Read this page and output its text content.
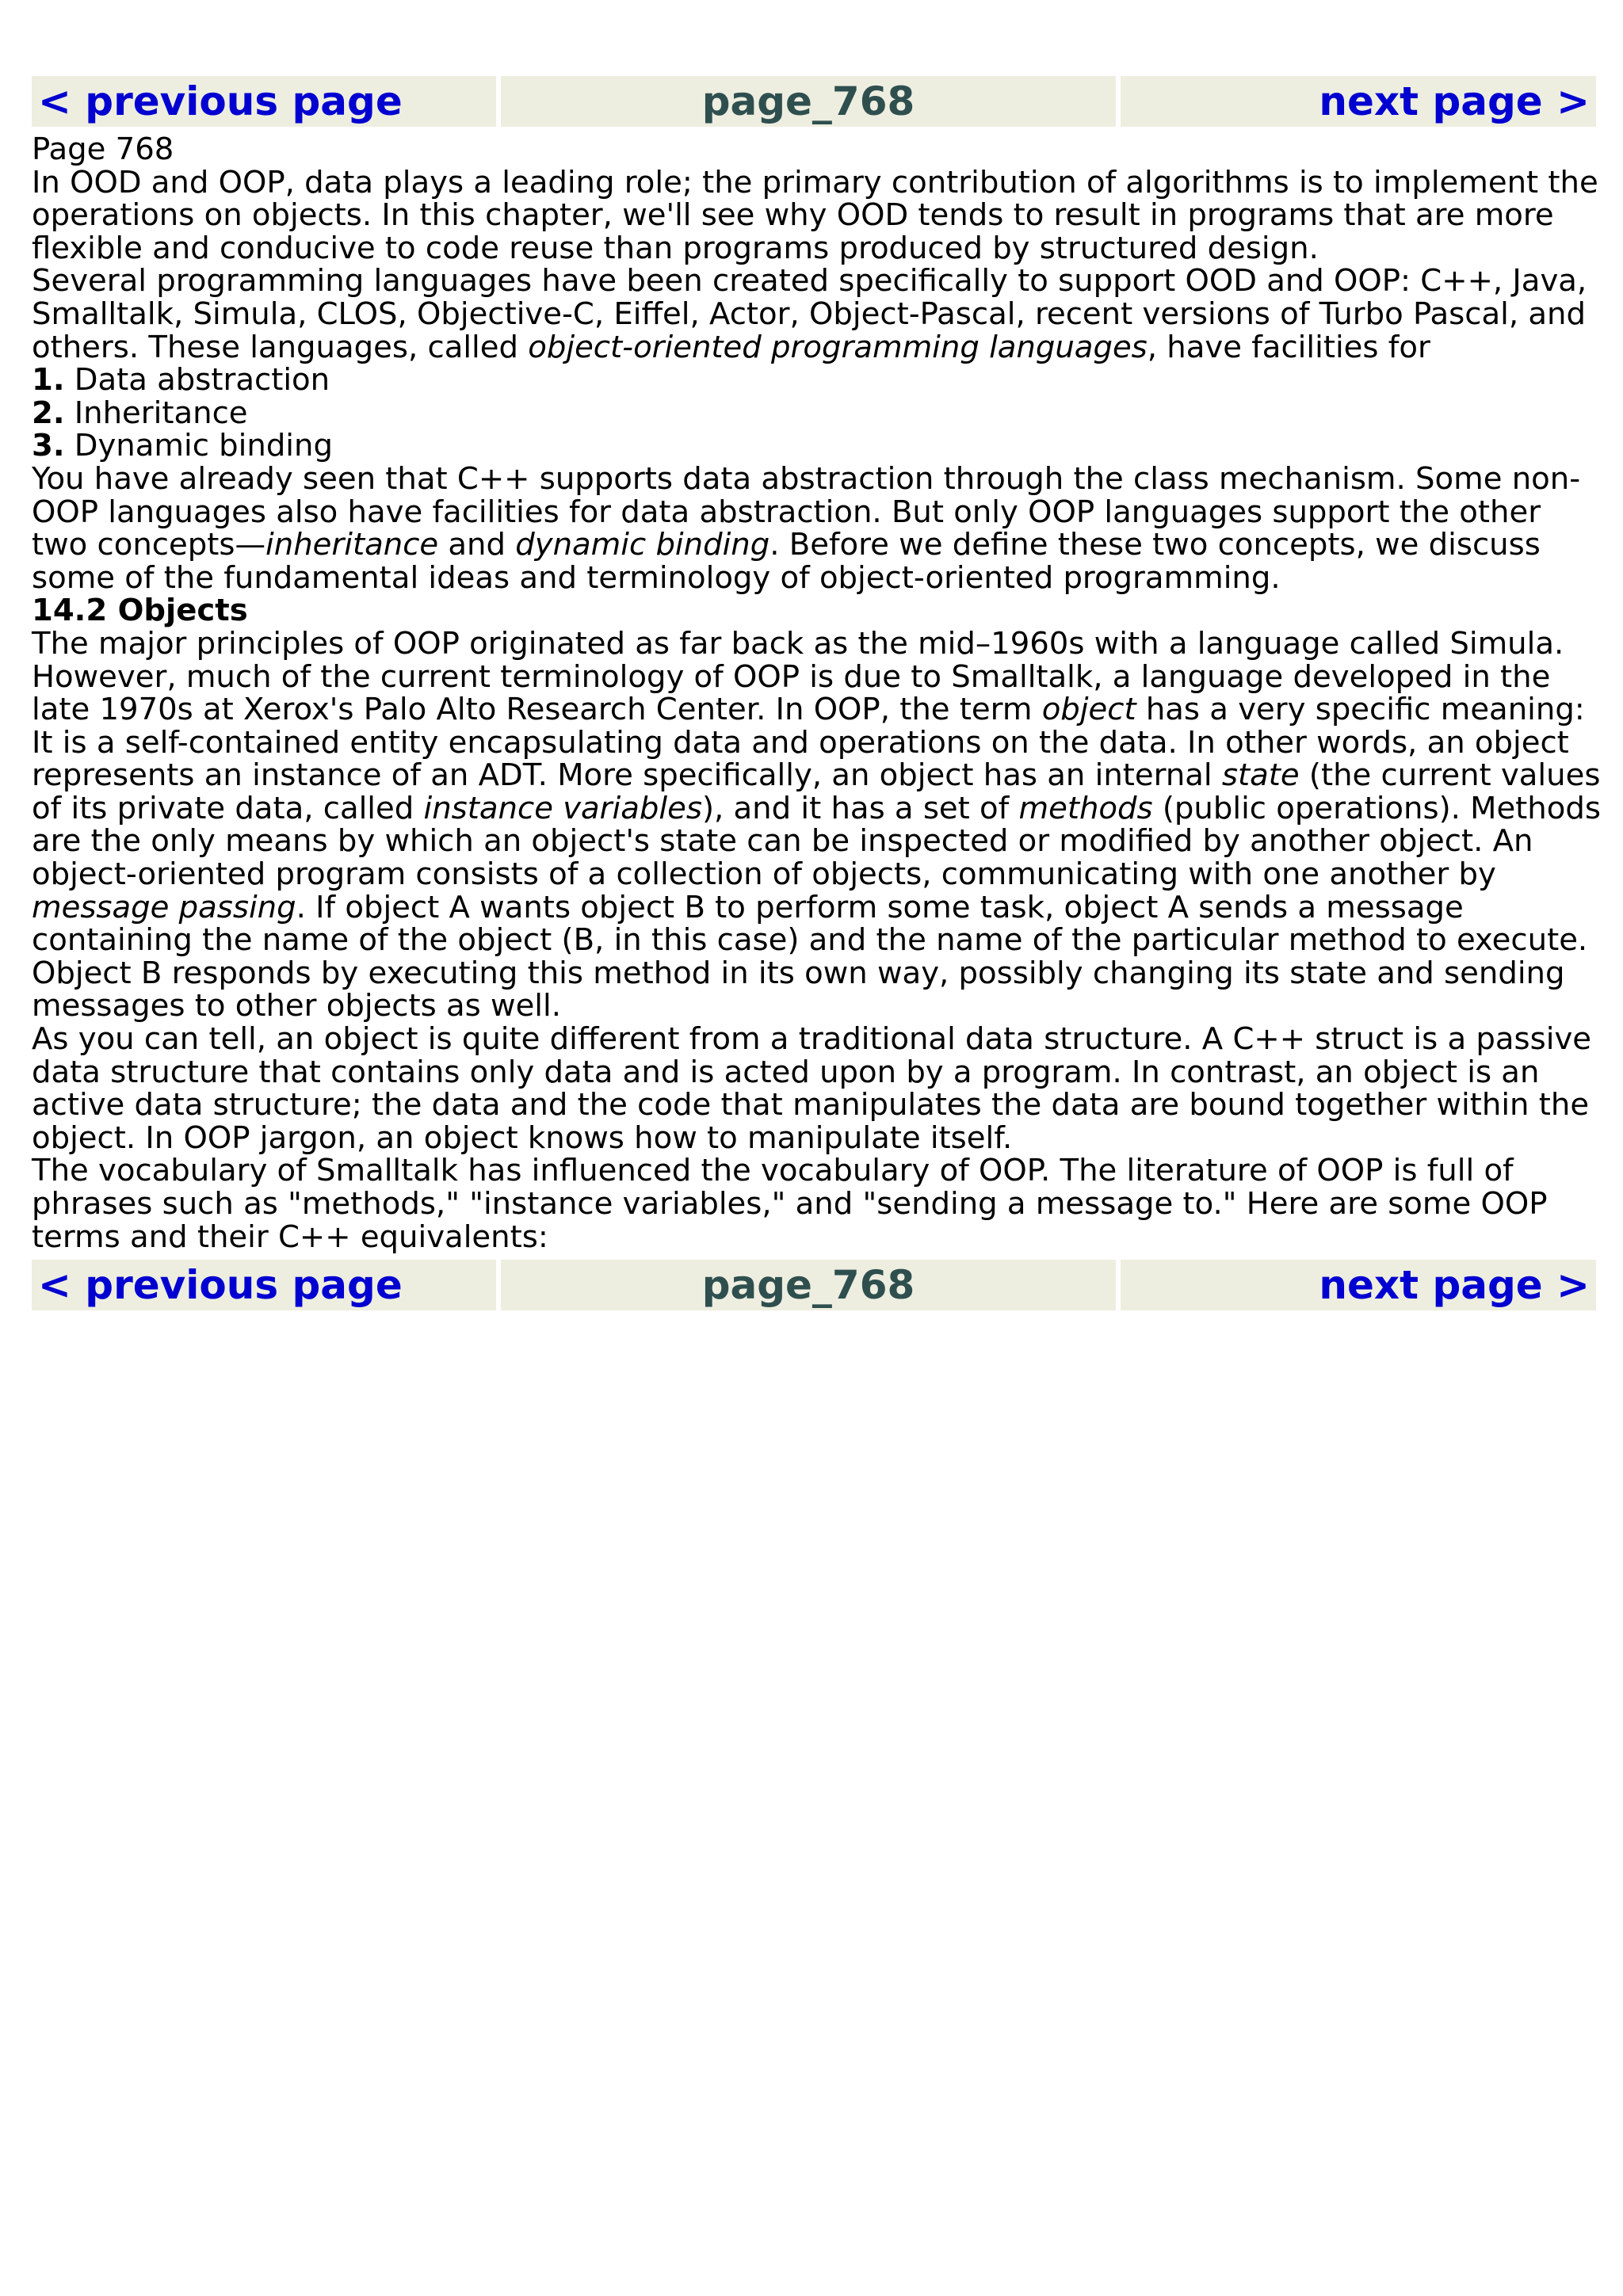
< previous page	page_768	next page >

Page 768

In OOD and OOP, data plays a leading role; the primary contribution of algorithms is to implement the operations on objects. In this chapter, we'll see why OOD tends to result in programs that are more flexible and conducive to code reuse than programs produced by structured design.

Several programming languages have been created specifically to support OOD and OOP: C++, Java, Smalltalk, Simula, CLOS, Objective-C, Eiffel, Actor, Object-Pascal, recent versions of Turbo Pascal, and others. These languages, called object-oriented programming languages, have facilities for

1. Data abstraction

2. Inheritance

3. Dynamic binding

You have already seen that C++ supports data abstraction through the class mechanism. Some non-OOP languages also have facilities for data abstraction. But only OOP languages support the other two concepts—inheritance and dynamic binding. Before we define these two concepts, we discuss some of the fundamental ideas and terminology of object-oriented programming.

14.2 Objects

The major principles of OOP originated as far back as the mid–1960s with a language called Simula. However, much of the current terminology of OOP is due to Smalltalk, a language developed in the late 1970s at Xerox's Palo Alto Research Center. In OOP, the term object has a very specific meaning: It is a self-contained entity encapsulating data and operations on the data. In other words, an object represents an instance of an ADT. More specifically, an object has an internal state (the current values of its private data, called instance variables), and it has a set of methods (public operations). Methods are the only means by which an object's state can be inspected or modified by another object. An object-oriented program consists of a collection of objects, communicating with one another by message passing. If object A wants object B to perform some task, object A sends a message containing the name of the object (B, in this case) and the name of the particular method to execute. Object B responds by executing this method in its own way, possibly changing its state and sending messages to other objects as well.

As you can tell, an object is quite different from a traditional data structure. A C++ struct is a passive data structure that contains only data and is acted upon by a program. In contrast, an object is an active data structure; the data and the code that manipulates the data are bound together within the object. In OOP jargon, an object knows how to manipulate itself.

The vocabulary of Smalltalk has influenced the vocabulary of OOP. The literature of OOP is full of phrases such as "methods," "instance variables," and "sending a message to." Here are some OOP terms and their C++ equivalents:

< previous page	page_768	next page >
